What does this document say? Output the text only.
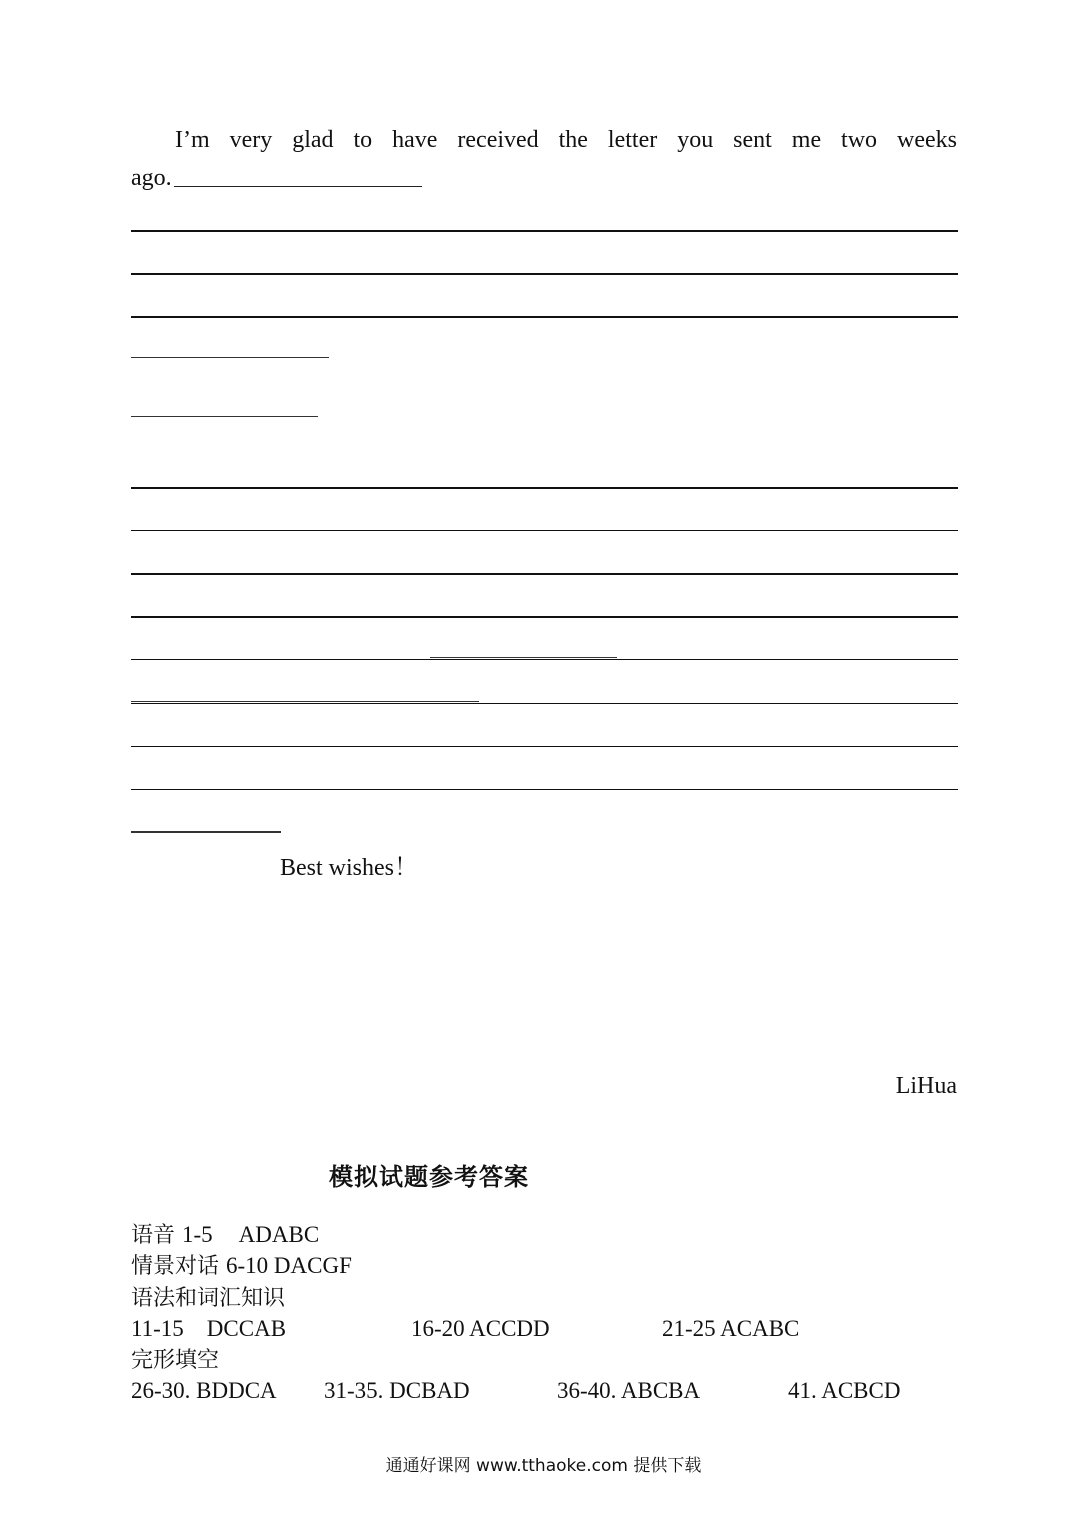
I’m very glad to have received the letter you sent me two weeks
ago.
Best wishes！
LiHua
模拟试题参考答案
语音 1-5 ADABC
情景对话 6-10 DACGF
语法和词汇知识
11-15    DCCAB	16-20 ACCDD	21-25 ACABC
完形填空
26-30. BDDCA 31-35. DCBAD	36-40. ABCBA	41. ACBCD
通通好课网 www.tthaoke.com 提供下载
